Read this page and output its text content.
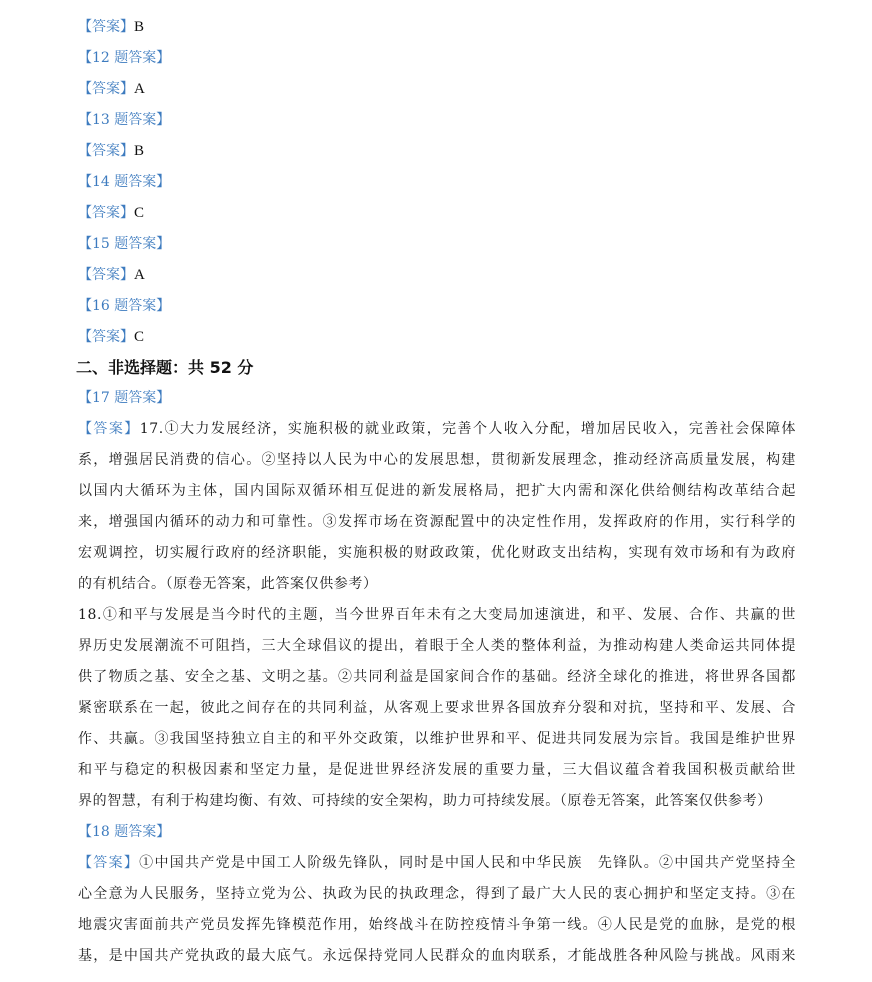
【答案】B
【12 题答案】
【答案】A
【13 题答案】
【答案】B
【14 题答案】
【答案】C
【15 题答案】
【答案】A
【16 题答案】
【答案】C
二、非选择题：共 52 分
【17 题答案】
【答案】17.①大力发展经济，实施积极的就业政策，完善个人收入分配，增加居民收入，完善社会保障体
系，增强居民消费的信心。②坚持以人民为中心的发展思想，贯彻新发展理念，推动经济高质量发展，构建
以国内大循环为主体，国内国际双循环相互促进的新发展格局，把扩大内需和深化供给侧结构改革结合起
来，增强国内循环的动力和可靠性。③发挥市场在资源配置中的决定性作用，发挥政府的作用，实行科学的
宏观调控，切实履行政府的经济职能，实施积极的财政政策，优化财政支出结构，实现有效市场和有为政府
的有机结合。（原卷无答案，此答案仅供参考）
18.①和平与发展是当今时代的主题，当今世界百年未有之大变局加速演进，和平、发展、合作、共赢的世
界历史发展潮流不可阻挡，三大全球倡议的提出，着眼于全人类的整体利益，为推动构建人类命运共同体提
供了物质之基、安全之基、文明之基。②共同利益是国家间合作的基础。经济全球化的推进，将世界各国都
紧密联系在一起，彼此之间存在的共同利益，从客观上要求世界各国放弃分裂和对抗，坚持和平、发展、合
作、共赢。③我国坚持独立自主的和平外交政策，以维护世界和平、促进共同发展为宗旨。我国是维护世界
和平与稳定的积极因素和坚定力量，是促进世界经济发展的重要力量，三大倡议蕴含着我国积极贡献给世
界的智慧，有利于构建均衡、有效、可持续的安全架构，助力可持续发展。（原卷无答案，此答案仅供参考）
【18 题答案】
【答案】①中国共产党是中国工人阶级先锋队，同时是中国人民和中华民族　先锋队。②中国共产党坚持全
心全意为人民服务，坚持立党为公、执政为民的执政理念，得到了最广大人民的衷心拥护和坚定支持。③在
地震灾害面前共产党员发挥先锋模范作用，始终战斗在防控疫情斗争第一线。④人民是党的血脉，是党的根
基，是中国共产党执政的最大底气。永远保持党同人民群众的血肉联系，才能战胜各种风险与挑战。风雨来
